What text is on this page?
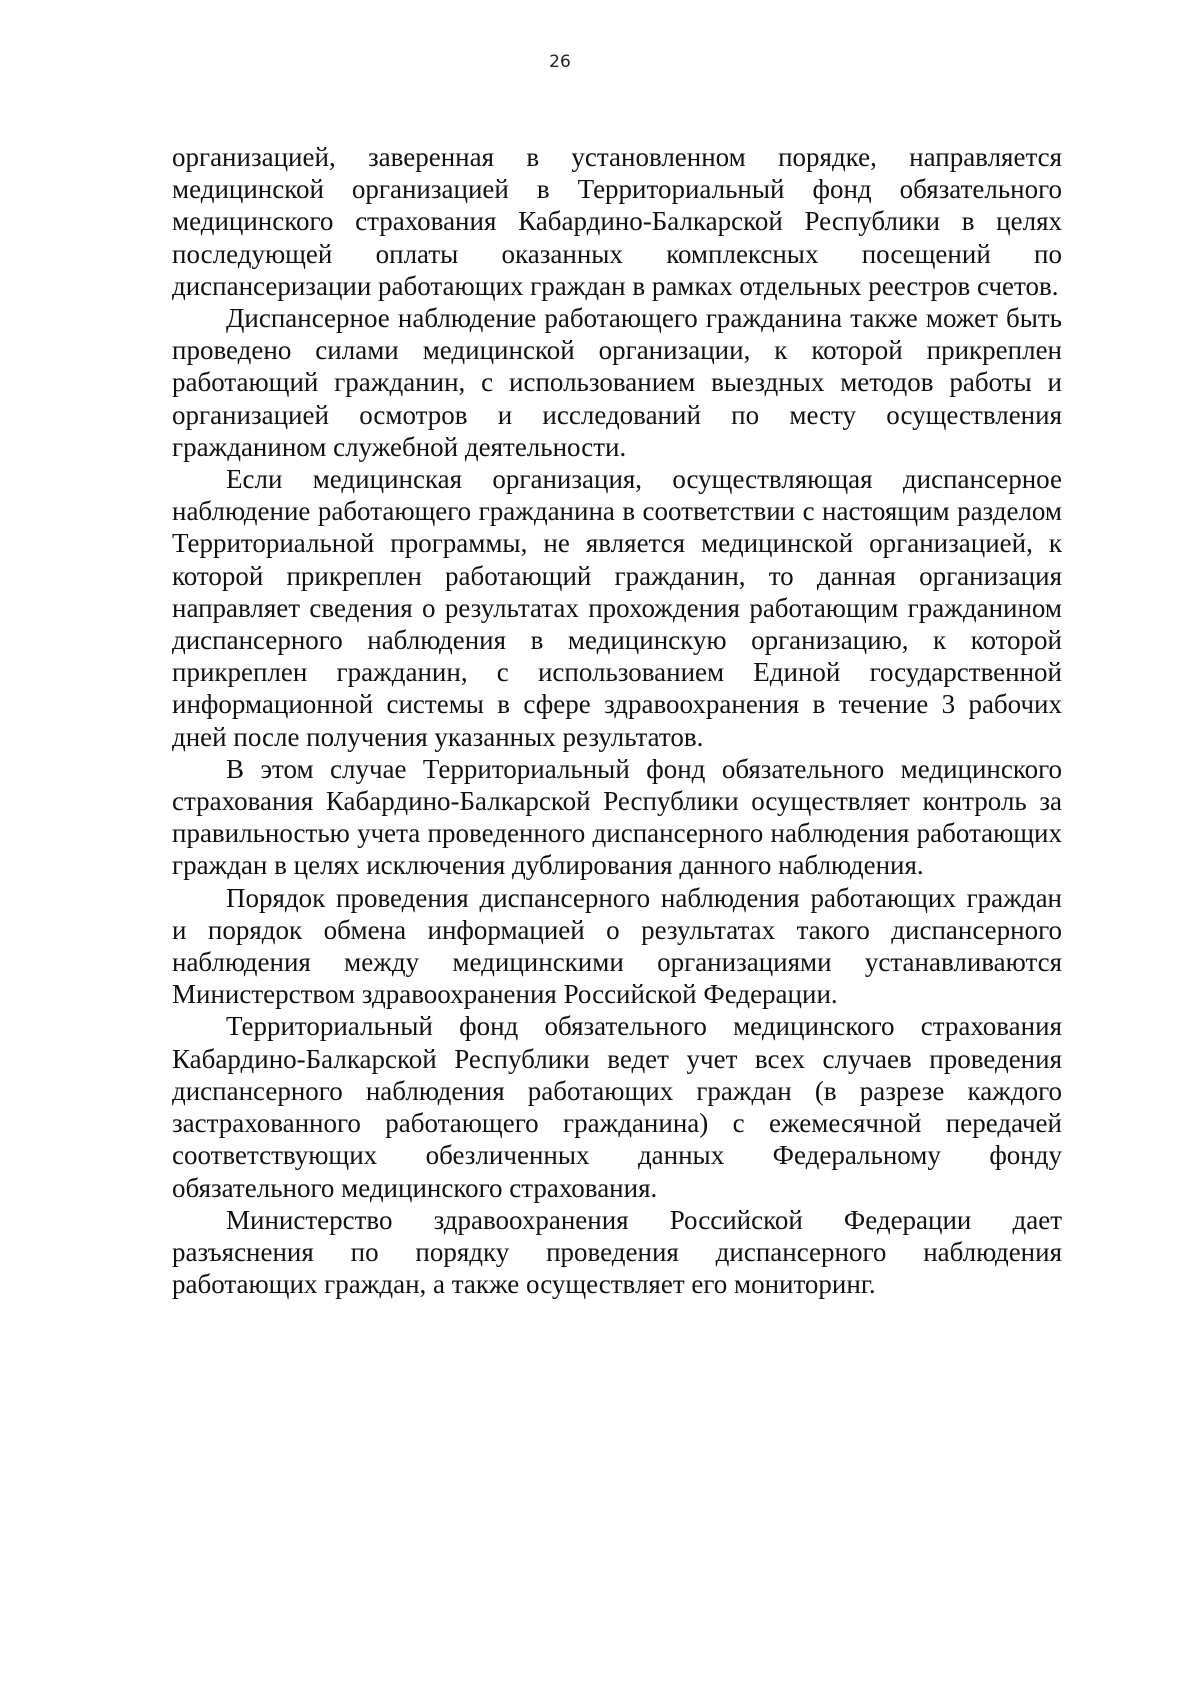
26

организацией, заверенная в установленном порядке, направляется медицинской организацией в Территориальный фонд обязательного медицинского страхования Кабардино-Балкарской Республики в целях последующей оплаты оказанных комплексных посещений по диспансеризации работающих граждан в рамках отдельных реестров счетов.

Диспансерное наблюдение работающего гражданина также может быть проведено силами медицинской организации, к которой прикреплен работающий гражданин, с использованием выездных методов работы и организацией осмотров и исследований по месту осуществления гражданином служебной деятельности.

Если медицинская организация, осуществляющая диспансерное наблюдение работающего гражданина в соответствии с настоящим разделом Территориальной программы, не является медицинской организацией, к которой прикреплен работающий гражданин, то данная организация направляет сведения о результатах прохождения работающим гражданином диспансерного наблюдения в медицинскую организацию, к которой прикреплен гражданин, с использованием Единой государственной информационной системы в сфере здравоохранения в течение 3 рабочих дней после получения указанных результатов.

В этом случае Территориальный фонд обязательного медицинского страхования Кабардино-Балкарской Республики осуществляет контроль за правильностью учета проведенного диспансерного наблюдения работающих граждан в целях исключения дублирования данного наблюдения.

Порядок проведения диспансерного наблюдения работающих граждан и порядок обмена информацией о результатах такого диспансерного наблюдения между медицинскими организациями устанавливаются Министерством здравоохранения Российской Федерации.

Территориальный фонд обязательного медицинского страхования Кабардино-Балкарской Республики ведет учет всех случаев проведения диспансерного наблюдения работающих граждан (в разрезе каждого застрахованного работающего гражданина) с ежемесячной передачей соответствующих обезличенных данных Федеральному фонду обязательного медицинского страхования.

Министерство здравоохранения Российской Федерации дает разъяснения по порядку проведения диспансерного наблюдения работающих граждан, а также осуществляет его мониторинг.
